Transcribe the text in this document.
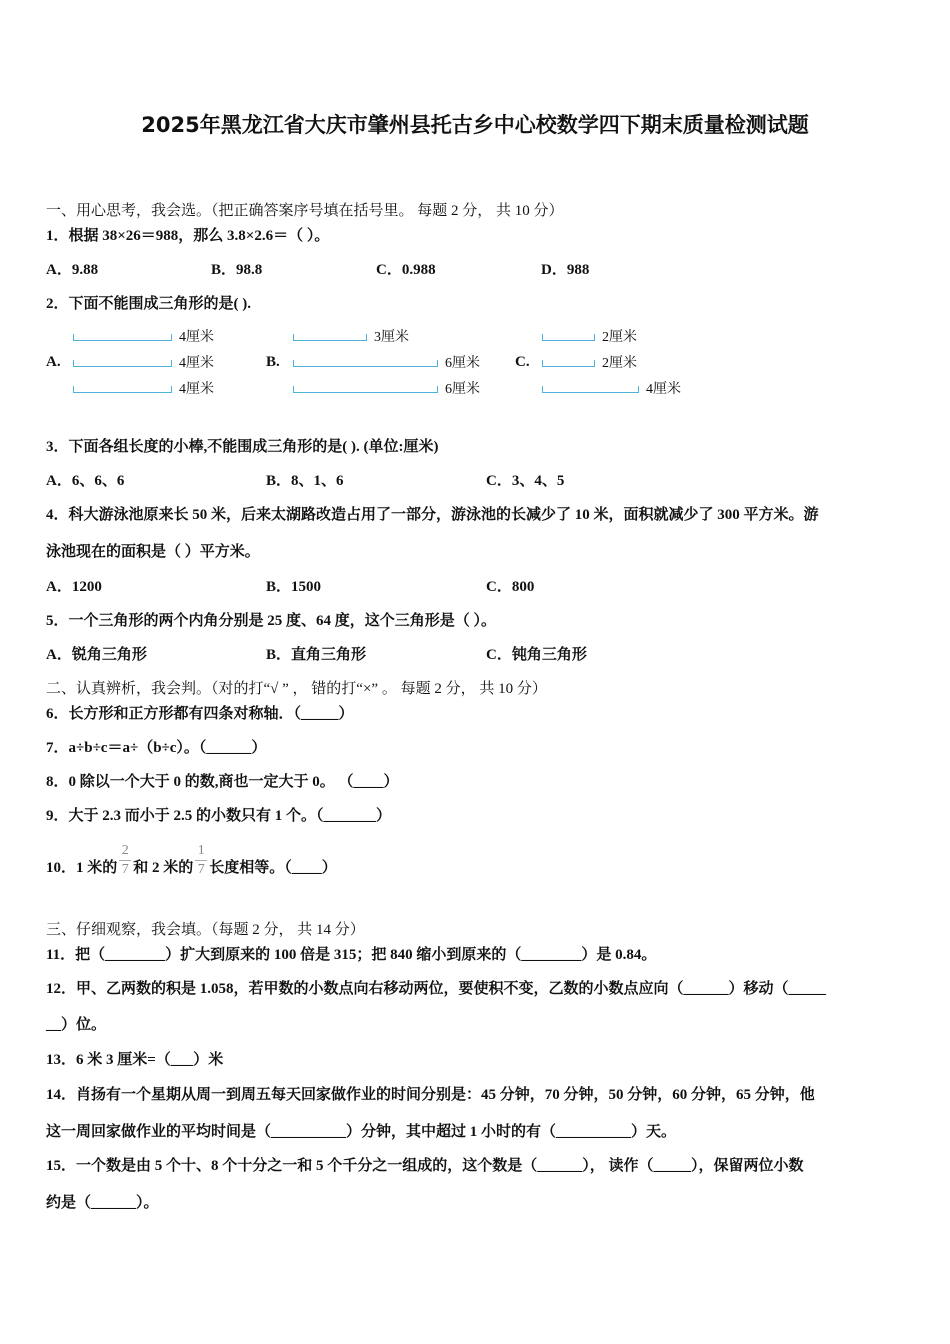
2025年黑龙江省大庆市肇州县托古乡中心校数学四下期末质量检测试题
一、用心思考，我会选。（把正确答案序号填在括号里。 每题 2 分， 共 10 分）
1．根据 38×26＝988，那么 3.8×2.6＝（ ）。
A．9.88	B．98.8	C．0.988	D．988
2．下面不能围成三角形的是( ).
A.
4厘米
4厘米
4厘米
B.
3厘米
6厘米
6厘米
C.
2厘米
2厘米
4厘米
3．下面各组长度的小棒,不能围成三角形的是( ). (单位:厘米)
A．6、6、6	B．8、1、6	C．3、4、5
4．科大游泳池原来长 50 米，后来太湖路改造占用了一部分，游泳池的长减少了 10 米，面积就减少了 300 平方米。游
泳池现在的面积是（ ）平方米。
A．1200	B．1500	C．800
5．一个三角形的两个内角分别是 25 度、64 度，这个三角形是（ ）。
A．锐角三角形	B．直角三角形	C．钝角三角形
二、认真辨析，我会判。（对的打“√ ” ， 错的打“×” 。 每题 2 分， 共 10 分）
6．长方形和正方形都有四条对称轴．（_____）
7．a÷b÷c＝a÷（b÷c）。（______）
8．0 除以一个大于 0 的数,商也一定大于 0。 （____）
9．大于 2.3 而小于 2.5 的小数只有 1 个。（_______）
10．1 米的 $\frac{2}{7}$ 和 2 米的 $\frac{1}{7}$ 长度相等。（____）
三、仔细观察，我会填。（每题 2 分， 共 14 分）
11．把（________）扩大到原来的 100 倍是 315；把 840 缩小到原来的（________）是 0.84。
12．甲、乙两数的积是 1.058，若甲数的小数点向右移动两位，要使积不变，乙数的小数点应向（______）移动（_____
__）位。
13．6 米 3 厘米=（___）米
14．肖扬有一个星期从周一到周五每天回家做作业的时间分别是：45 分钟，70 分钟，50 分钟，60 分钟，65 分钟，他
这一周回家做作业的平均时间是（__________）分钟，其中超过 1 小时的有（__________）天。
15．一个数是由 5 个十、8 个十分之一和 5 个千分之一组成的，这个数是（______）， 读作（_____），保留两位小数
约是（______）。
